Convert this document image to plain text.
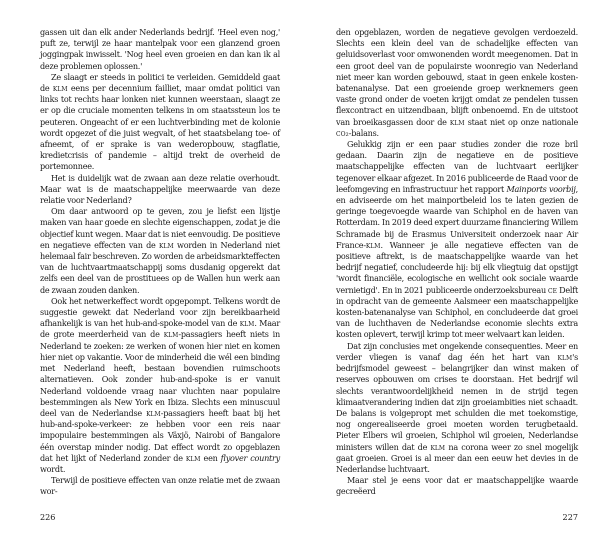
gassen uit dan elk ander Nederlands bedrijf. 'Heel even nog,' puft ze, terwijl ze haar mantelpak voor een glanzend groen joggingpak inwisselt. 'Nog heel even groeien en dan kan ik al deze problemen oplossen.'

Ze slaagt er steeds in politici te verleiden. Gemiddeld gaat de klm eens per decennium failliet, maar omdat politici van links tot rechts haar lonken niet kunnen weerstaan, slaagt ze er op die cruciale momenten telkens in om staatssteun los te peuteren. Ongeacht of er een luchtverbinding met de kolonie wordt opgezet of die juist wegvalt, of het staatsbelang toe- of afneemt, of er sprake is van wederopbouw, stagflatie, kredietcrisis of pandemie – altijd trekt de overheid de portemonnee.

Het is duidelijk wat de zwaan aan deze relatie overhoudt. Maar wat is de maatschappelijke meerwaarde van deze relatie voor Nederland?

Om daar antwoord op te geven, zou je liefst een lijstje maken van haar goede en slechte eigenschappen, zodat je die objectief kunt wegen. Maar dat is niet eenvoudig. De positieve en negatieve effecten van de klm worden in Nederland niet helemaal fair beschreven. Zo worden de arbeidsmarkteffecten van de luchtvaartmaatschappij soms dusdanig opgerekt dat zelfs een deel van de prostituees op de Wallen hun werk aan de zwaan zouden danken.

Ook het netwerkeffect wordt opgepompt. Telkens wordt de suggestie gewekt dat Nederland voor zijn bereikbaarheid afhankelijk is van het hub-and-spoke-model van de klm. Maar de grote meerderheid van de klm-passagiers heeft niets in Nederland te zoeken: ze werken of wonen hier niet en komen hier niet op vakantie. Voor de minderheid die wél een binding met Nederland heeft, bestaan bovendien ruimschoots alternatieven. Ook zonder hub-and-spoke is er vanuit Nederland voldoende vraag naar vluchten naar populaire bestemmingen als New York en Ibiza. Slechts een minuscuul deel van de Nederlandse klm-passagiers heeft baat bij het hub-and-spoke-verkeer: ze hebben voor een reis naar impopulaire bestemmingen als Växjö, Nairobi of Bangalore één overstap minder nodig. Dat effect wordt zo opgeblazen dat het lijkt of Nederland zonder de klm een flyover country wordt.

Terwijl de positieve effecten van onze relatie met de zwaan wor-

226

den opgeblazen, worden de negatieve gevolgen verdoezeld. Slechts een klein deel van de schadelijke effecten van geluidsoverlast voor omwonenden wordt meegenomen. Dat in een groot deel van de populairste woonregio van Nederland niet meer kan worden gebouwd, staat in geen enkele kosten-batenanalyse. Dat een groeiende groep werknemers geen vaste grond onder de voeten krijgt omdat ze pendelen tussen flexcontract en uitzendbaan, blijft onbenoemd. En de uitstoot van broeikasgassen door de klm staat niet op onze nationale co₂-balans.

Gelukkig zijn er een paar studies zonder die roze bril gedaan. Daarin zijn de negatieve en de positieve maatschappelijke effecten van de luchtvaart eerlijker tegenover elkaar afgezet. In 2016 publiceerde de Raad voor de leefomgeving en infrastructuur het rapport Mainports voorbij, en adviseerde om het mainportbeleid los te laten gezien de geringe toegevoegde waarde van Schiphol en de haven van Rotterdam. In 2019 deed expert duurzame financiering Willem Schramade bij de Erasmus Universiteit onderzoek naar Air France-klm. Wanneer je alle negatieve effecten van de positieve aftrekt, is de maatschappelijke waarde van het bedrijf negatief, concludeerde hij: bij elk vliegtuig dat opstijgt 'wordt financiële, ecologische en wellicht ook sociale waarde vernietigd'. En in 2021 publiceerde onderzoeksbureau ce Delft in opdracht van de gemeente Aalsmeer een maatschappelijke kosten-batenanalyse van Schiphol, en concludeerde dat groei van de luchthaven de Nederlandse economie slechts extra kosten oplevert, terwijl krimp tot meer welvaart kan leiden.

Dat zijn conclusies met ongekende consequenties. Meer en verder vliegen is vanaf dag één het hart van klm's bedrijfsmodel geweest – belangrijker dan winst maken of reserves opbouwen om crises te doorstaan. Het bedrijf wil slechts verantwoordelijkheid nemen in de strijd tegen klimaatverandering indien dat zijn groeiambities niet schaadt. De balans is volgepropt met schulden die met toekomstige, nog ongerealiseerde groei moeten worden terugbetaald. Pieter Elbers wil groeien, Schiphol wil groeien, Nederlandse ministers willen dat de klm na corona weer zo snel mogelijk gaat groeien. Groei is al meer dan een eeuw het devies in de Nederlandse luchtvaart.

Maar stel je eens voor dat er maatschappelijke waarde gecreëerd

227
